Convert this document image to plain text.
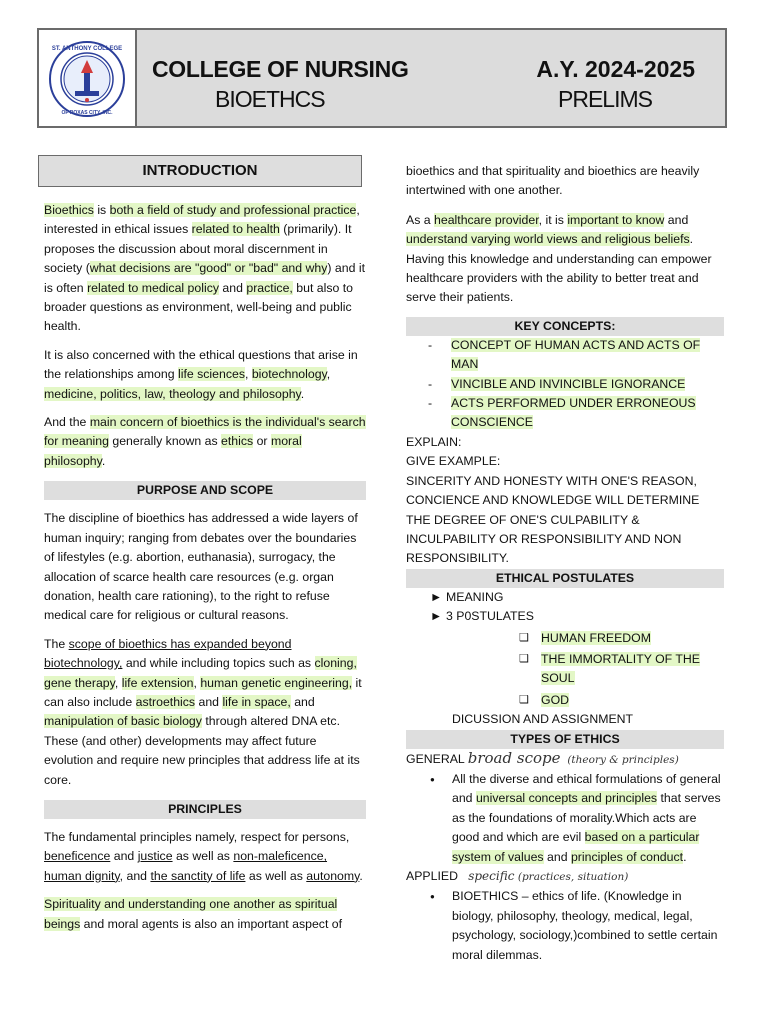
ST. ANTHONY COLLEGE
OF ROXAS CITY, INC.
COLLEGE OF NURSING
BIOETHCS
A.Y. 2024-2025
PRELIMS
INTRODUCTION

Bioethics is both a field of study and professional practice, interested in ethical issues related to health (primarily). It proposes the discussion about moral discernment in society (what decisions are "good" or "bad" and why) and it is often related to medical policy and practice, but also to broader questions as environment, well-being and public health.

It is also concerned with the ethical questions that arise in the relationships among life sciences, biotechnology, medicine, politics, law, theology and philosophy.

And the main concern of bioethics is the individual's search for meaning generally known as ethics or moral philosophy.

PURPOSE AND SCOPE

The discipline of bioethics has addressed a wide layers of human inquiry; ranging from debates over the boundaries of lifestyles (e.g. abortion, euthanasia), surrogacy, the allocation of scarce health care resources (e.g. organ donation, health care rationing), to the right to refuse medical care for religious or cultural reasons.

The scope of bioethics has expanded beyond biotechnology, and while including topics such as cloning, gene therapy, life extension, human genetic engineering, it can also include astroethics and life in space, and manipulation of basic biology through altered DNA etc. These (and other) developments may affect future evolution and require new principles that address life at its core.

PRINCIPLES

The fundamental principles namely, respect for persons, beneficence and justice as well as non-maleficence, human dignity, and the sanctity of life as well as autonomy.

Spirituality and understanding one another as spiritual beings and moral agents is also an important aspect of

bioethics and that spirituality and bioethics are heavily intertwined with one another.

As a healthcare provider, it is important to know and understand varying world views and religious beliefs. Having this knowledge and understanding can empower healthcare providers with the ability to better treat and serve their patients.

KEY CONCEPTS:
- CONCEPT OF HUMAN ACTS AND ACTS OF MAN
- VINCIBLE AND INVINCIBLE IGNORANCE
- ACTS PERFORMED UNDER ERRONEOUS CONSCIENCE

EXPLAIN:

GIVE EXAMPLE:

SINCERITY AND HONESTY WITH ONE'S REASON, CONCIENCE AND KNOWLEDGE WILL DETERMINE THE DEGREE OF ONE'S CULPABILITY & INCULPABILITY OR RESPONSIBILITY AND NON RESPONSIBILITY.

ETHICAL POSTULATES
► MEANING
► 3 P0STULATES
❑ HUMAN FREEDOM
❑ THE IMMORTALITY OF THE SOUL
❑ GOD

DICUSSION AND ASSIGNMENT

TYPES OF ETHICS

GENERAL broad scope (theory & principles)

● All the diverse and ethical formulations of general and universal concepts and principles that serves as the foundations of morality.Which acts are good and which are evil based on a particular system of values and principles of conduct.

APPLIED specific (practices, situation)

● BIOETHICS – ethics of life. (Knowledge in biology, philosophy, theology, medical, legal, psychology, sociology,)combined to settle certain moral dilemmas.
